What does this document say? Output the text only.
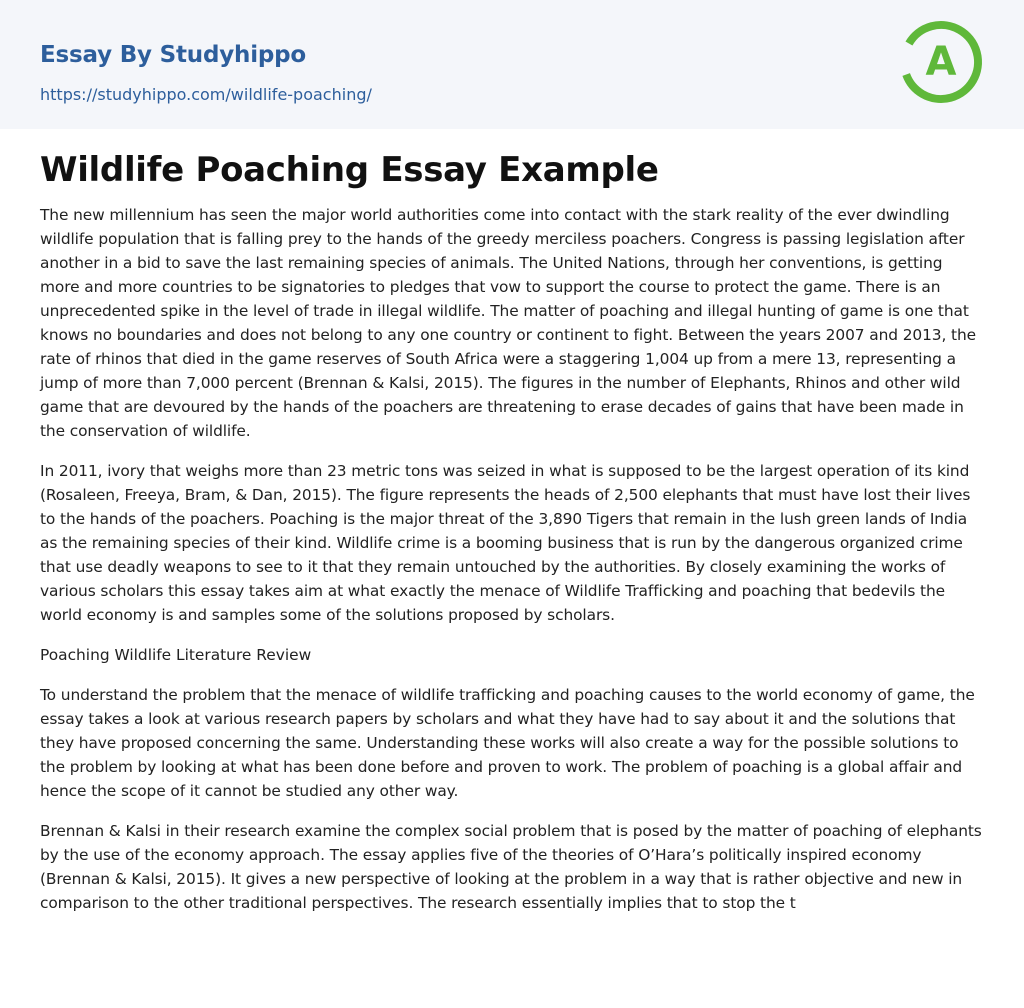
Essay By Studyhippo
https://studyhippo.com/wildlife-poaching/
A
Wildlife Poaching Essay Example

The new millennium has seen the major world authorities come into contact with the stark reality of the ever dwindling wildlife population that is falling prey to the hands of the greedy merciless poachers. Congress is passing legislation after another in a bid to save the last remaining species of animals. The United Nations, through her conventions, is getting more and more countries to be signatories to pledges that vow to support the course to protect the game. There is an unprecedented spike in the level of trade in illegal wildlife. The matter of poaching and illegal hunting of game is one that knows no boundaries and does not belong to any one country or continent to fight. Between the years 2007 and 2013, the rate of rhinos that died in the game reserves of South Africa were a staggering 1,004 up from a mere 13, representing a jump of more than 7,000 percent (Brennan & Kalsi, 2015). The figures in the number of Elephants, Rhinos and other wild game that are devoured by the hands of the poachers are threatening to erase decades of gains that have been made in the conservation of wildlife.

In 2011, ivory that weighs more than 23 metric tons was seized in what is supposed to be the largest operation of its kind (Rosaleen, Freeya, Bram, & Dan, 2015). The figure represents the heads of 2,500 elephants that must have lost their lives to the hands of the poachers. Poaching is the major threat of the 3,890 Tigers that remain in the lush green lands of India as the remaining species of their kind. Wildlife crime is a booming business that is run by the dangerous organized crime that use deadly weapons to see to it that they remain untouched by the authorities. By closely examining the works of various scholars this essay takes aim at what exactly the menace of Wildlife Trafficking and poaching that bedevils the world economy is and samples some of the solutions proposed by scholars.

Poaching Wildlife Literature Review

To understand the problem that the menace of wildlife trafficking and poaching causes to the world economy of game, the essay takes a look at various research papers by scholars and what they have had to say about it and the solutions that they have proposed concerning the same. Understanding these works will also create a way for the possible solutions to the problem by looking at what has been done before and proven to work. The problem of poaching is a global affair and hence the scope of it cannot be studied any other way.

Brennan & Kalsi in their research examine the complex social problem that is posed by the matter of poaching of elephants by the use of the economy approach. The essay applies five of the theories of O’Hara’s politically inspired economy (Brennan & Kalsi, 2015). It gives a new perspective of looking at the problem in a way that is rather objective and new in comparison to the other traditional perspectives. The research essentially implies that to stop the t
